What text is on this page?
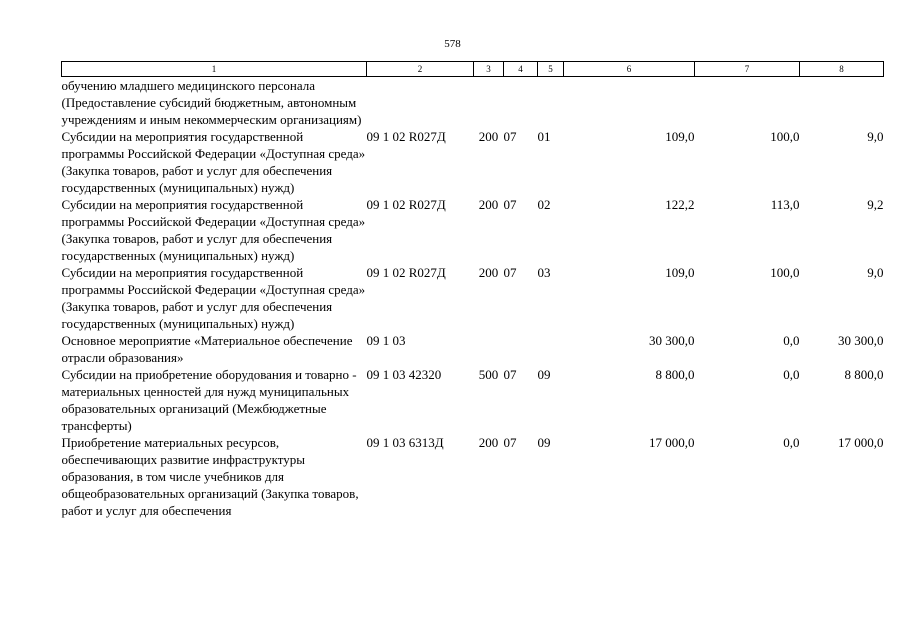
578
1	2	3	4	5	6	7	8
обучению младшего медицинского персонала (Предоставление субсидий бюджетным, автономным учреждениям и иным некоммерческим организациям)							
Субсидии на мероприятия государственной программы Российской Федерации «Доступная среда» (Закупка товаров, работ и услуг для обеспечения государственных (муниципальных) нужд)	09 1 02 R027Д	200	07	01	109,0	100,0	9,0
Субсидии на мероприятия государственной программы Российской Федерации «Доступная среда» (Закупка товаров, работ и услуг для обеспечения государственных (муниципальных) нужд)	09 1 02 R027Д	200	07	02	122,2	113,0	9,2
Субсидии на мероприятия государственной программы Российской Федерации «Доступная среда» (Закупка товаров, работ и услуг для обеспечения государственных (муниципальных) нужд)	09 1 02 R027Д	200	07	03	109,0	100,0	9,0
Основное мероприятие «Материальное обеспечение отрасли образования»	09 1 03				30 300,0	0,0	30 300,0
Субсидии на приобретение оборудования и товарно - материальных ценностей для нужд муниципальных образовательных организаций (Межбюджетные трансферты)	09 1 03 42320	500	07	09	8 800,0	0,0	8 800,0
Приобретение материальных ресурсов, обеспечивающих развитие инфраструктуры образования, в том числе учебников для общеобразовательных организаций (Закупка товаров, работ и услуг для обеспечения	09 1 03 6313Д	200	07	09	17 000,0	0,0	17 000,0
